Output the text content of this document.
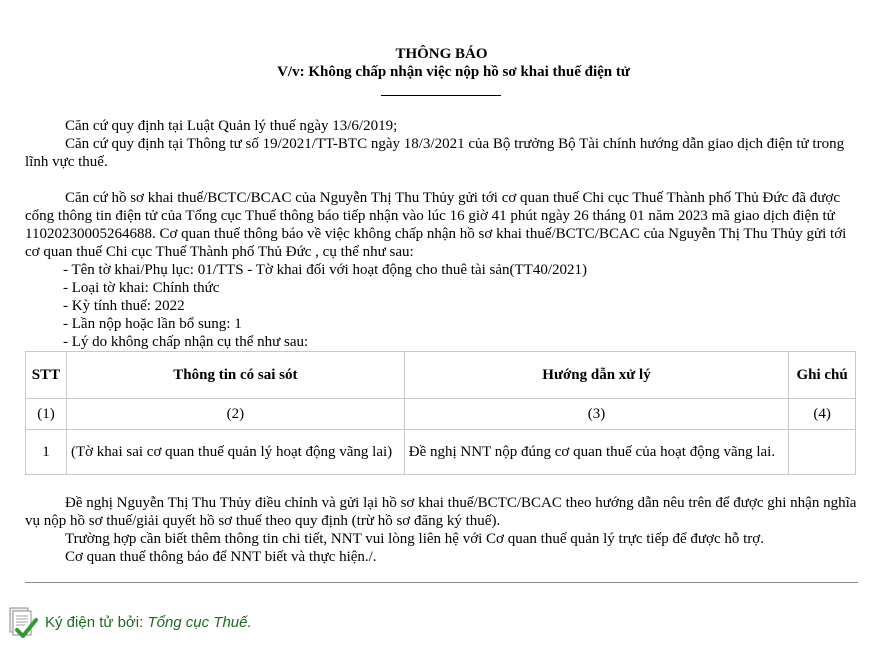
THÔNG BÁO
V/v: Không chấp nhận việc nộp hồ sơ khai thuế điện tử

Căn cứ quy định tại Luật Quản lý thuế ngày 13/6/2019;

Căn cứ quy định tại Thông tư số 19/2021/TT-BTC ngày 18/3/2021 của Bộ trưởng Bộ Tài chính hướng dẫn giao dịch điện tử trong lĩnh vực thuế.

Căn cứ hồ sơ khai thuế/BCTC/BCAC của Nguyễn Thị Thu Thủy gửi tới cơ quan thuế Chi cục Thuế Thành phố Thủ Đức đã được cổng thông tin điện tử của Tổng cục Thuế thông báo tiếp nhận vào lúc 16 giờ 41 phút ngày 26 tháng 01 năm 2023 mã giao dịch điện tử 11020230005264688. Cơ quan thuế thông báo về việc không chấp nhận hồ sơ khai thuế/BCTC/BCAC của Nguyễn Thị Thu Thủy gửi tới cơ quan thuế Chi cục Thuế Thành phố Thủ Đức , cụ thể như sau:

- Tên tờ khai/Phụ lục: 01/TTS - Tờ khai đối với hoạt động cho thuê tài sản(TT40/2021)

- Loại tờ khai: Chính thức

- Kỳ tính thuế: 2022

- Lần nộp hoặc lần bổ sung: 1

- Lý do không chấp nhận cụ thể như sau:

STT	Thông tin có sai sót	Hướng dẫn xử lý	Ghi chú
(1)	(2)	(3)	(4)
1	(Tờ khai sai cơ quan thuế quản lý hoạt động vãng lai)	Đề nghị NNT nộp đúng cơ quan thuế của hoạt động vãng lai.	

Đề nghị Nguyễn Thị Thu Thủy điều chỉnh và gửi lại hồ sơ khai thuế/BCTC/BCAC theo hướng dẫn nêu trên để được ghi nhận nghĩa vụ nộp hồ sơ thuế/giải quyết hồ sơ thuế theo quy định (trừ hồ sơ đăng ký thuế).

Trường hợp cần biết thêm thông tin chi tiết, NNT vui lòng liên hệ với Cơ quan thuế quản lý trực tiếp để được hỗ trợ.

Cơ quan thuế thông báo để NNT biết và thực hiện./.

Ký điện tử bởi: Tổng cục Thuế.
